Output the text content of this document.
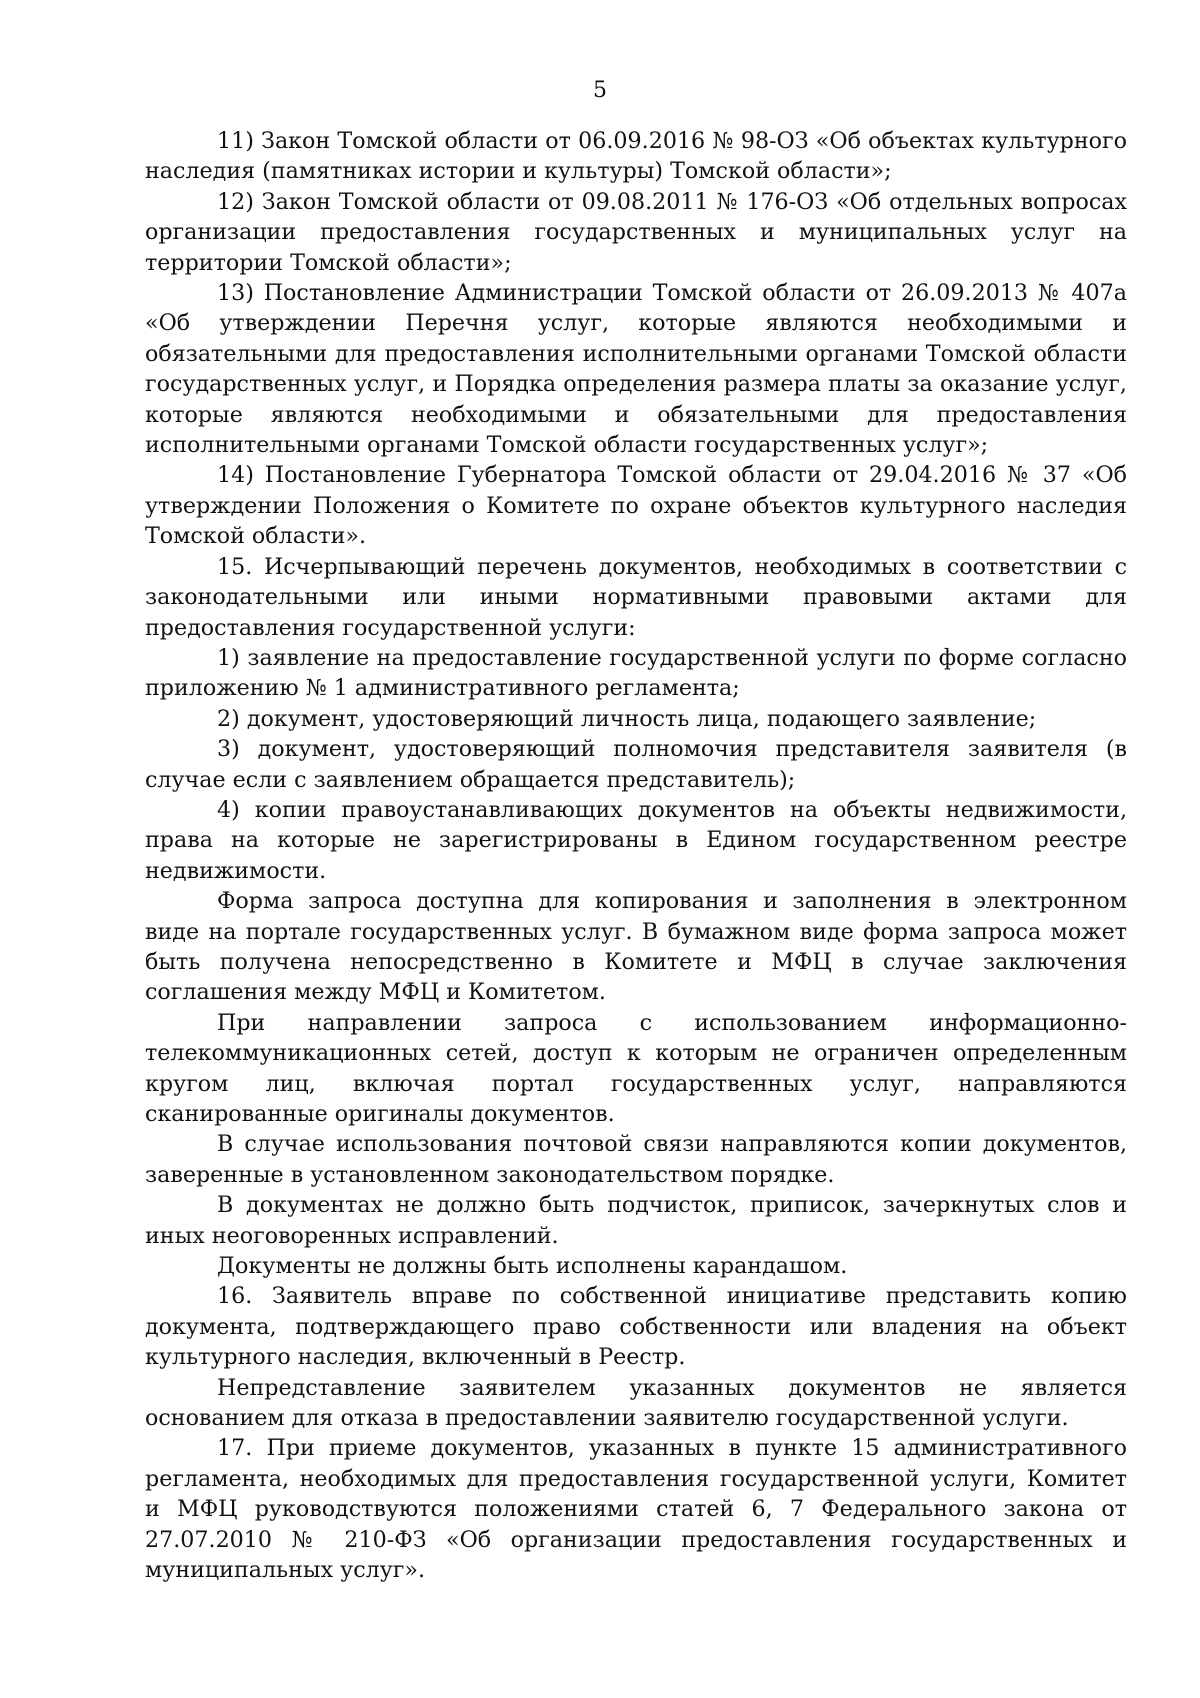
5

11) Закон Томской области от 06.09.2016 № 98-ОЗ «Об объектах культурного наследия (памятниках истории и культуры) Томской области»;

12) Закон Томской области от 09.08.2011 № 176-ОЗ «Об отдельных вопросах организации предоставления государственных и муниципальных услуг на территории Томской области»;

13) Постановление Администрации Томской области от 26.09.2013 № 407а «Об утверждении Перечня услуг, которые являются необходимыми и обязательными для предоставления исполнительными органами Томской области государственных услуг, и Порядка определения размера платы за оказание услуг, которые являются необходимыми и обязательными для предоставления исполнительными органами Томской области государственных услуг»;

14) Постановление Губернатора Томской области от 29.04.2016 № 37 «Об утверждении Положения о Комитете по охране объектов культурного наследия Томской области».

15. Исчерпывающий перечень документов, необходимых в соответствии с законодательными или иными нормативными правовыми актами для предоставления государственной услуги:

1) заявление на предоставление государственной услуги по форме согласно приложению № 1 административного регламента;

2) документ, удостоверяющий личность лица, подающего заявление;

3) документ, удостоверяющий полномочия представителя заявителя (в случае если с заявлением обращается представитель);

4) копии правоустанавливающих документов на объекты недвижимости, права на которые не зарегистрированы в Едином государственном реестре недвижимости.

Форма запроса доступна для копирования и заполнения в электронном виде на портале государственных услуг. В бумажном виде форма запроса может быть получена непосредственно в Комитете и МФЦ в случае заключения соглашения между МФЦ и Комитетом.

При направлении запроса с использованием информационно-телекоммуникационных сетей, доступ к которым не ограничен определенным кругом лиц, включая портал государственных услуг, направляются сканированные оригиналы документов.

В случае использования почтовой связи направляются копии документов, заверенные в установленном законодательством порядке.

В документах не должно быть подчисток, приписок, зачеркнутых слов и иных неоговоренных исправлений.

Документы не должны быть исполнены карандашом.

16. Заявитель вправе по собственной инициативе представить копию документа, подтверждающего право собственности или владения на объект культурного наследия, включенный в Реестр.

Непредставление заявителем указанных документов не является основанием для отказа в предоставлении заявителю государственной услуги.

17. При приеме документов, указанных в пункте 15 административного регламента, необходимых для предоставления государственной услуги, Комитет и МФЦ руководствуются положениями статей 6, 7 Федерального закона от 27.07.2010 № 210-ФЗ «Об организации предоставления государственных и муниципальных услуг».
